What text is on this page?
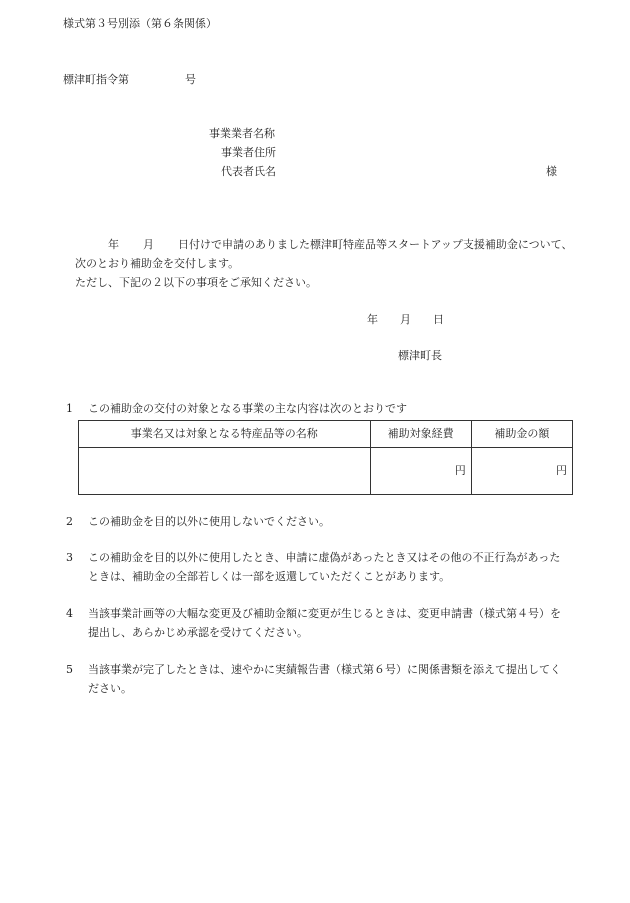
様式第３号別添（第６条関係）
標津町指令第	号
事業業者名称
事業者住所
代表者氏名	様
年 月 日付けで申請のありました標津町特産品等スタートアップ支援補助金について、
次のとおり補助金を交付します。
ただし、下記の２以下の事項をご承知ください。
年 月 日
標津町長
1 この補助金の交付の対象となる事業の主な内容は次のとおりです
事業名又は対象となる特産品等の名称	補助対象経費	補助金の額
	円	円
2 この補助金を目的以外に使用しないでください。
3 この補助金を目的以外に使用したとき、申請に虚偽があったとき又はその他の不正行為があった
ときは、補助金の全部若しくは一部を返還していただくことがあります。
4 当該事業計画等の大幅な変更及び補助金額に変更が生じるときは、変更申請書（様式第４号）を
提出し、あらかじめ承認を受けてください。
5 当該事業が完了したときは、速やかに実績報告書（様式第６号）に関係書類を添えて提出してく
ださい。
